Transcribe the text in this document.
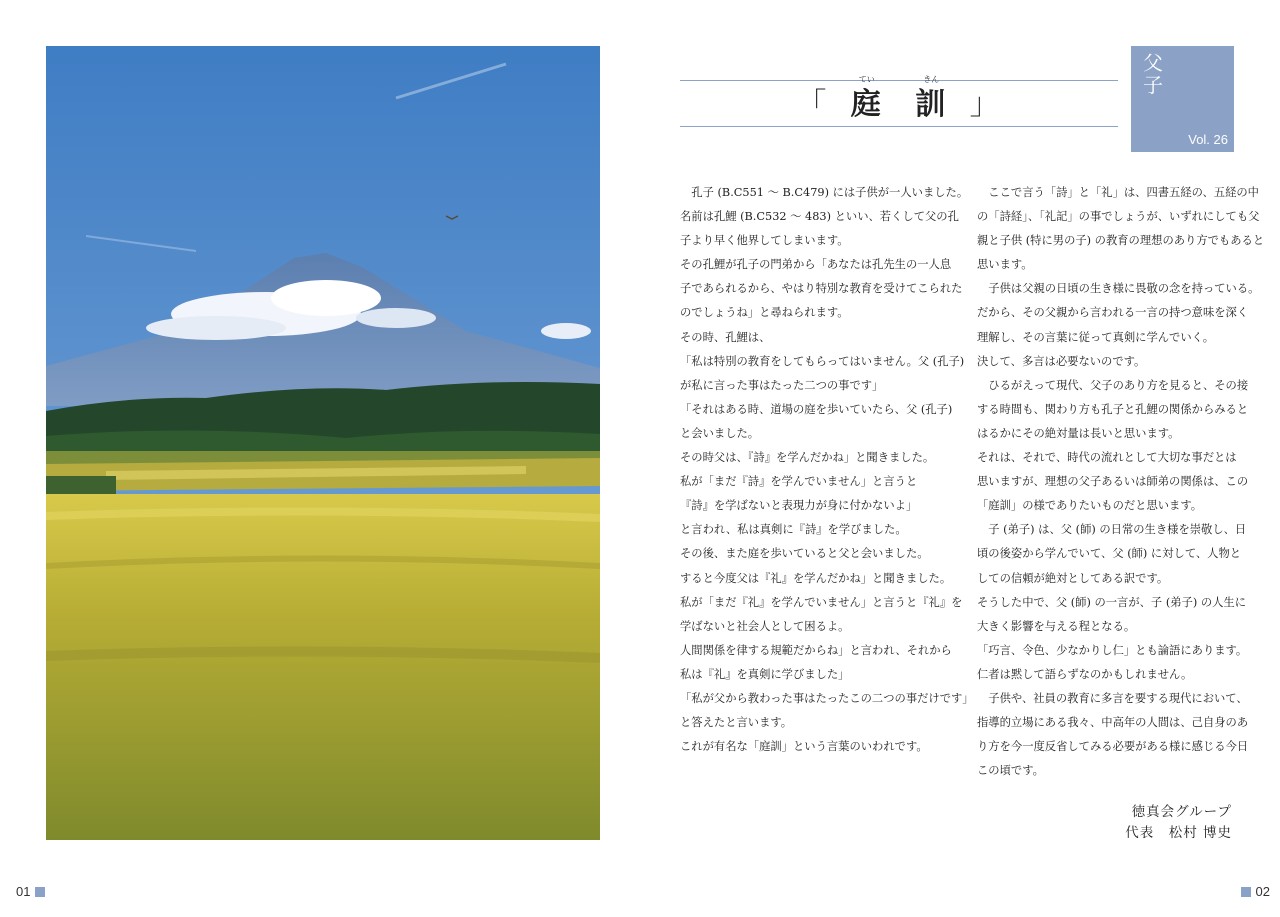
01	02
「
てい
庭
きん
訓 」
父子
Vol. 26
　孔子 (B.C551 ～ B.C479) には子供が一人いました。
名前は孔鯉 (B.C532 ～ 483) といい、若くして父の孔
子より早く他界してしまいます。
その孔鯉が孔子の門弟から「あなたは孔先生の一人息
子であられるから、やはり特別な教育を受けてこられた
のでしょうね」と尋ねられます。
その時、孔鯉は、
「私は特別の教育をしてもらってはいません。父 (孔子)
が私に言った事はたった二つの事です」
「それはある時、道場の庭を歩いていたら、父 (孔子)
と会いました。
その時父は、『詩』を学んだかね」と聞きました。
私が「まだ『詩』を学んでいません」と言うと
『詩』を学ばないと表現力が身に付かないよ」
と言われ、私は真剣に『詩』を学びました。
その後、また庭を歩いていると父と会いました。
すると今度父は『礼』を学んだかね」と聞きました。
私が「まだ『礼』を学んでいません」と言うと『礼』を
学ばないと社会人として困るよ。
人間関係を律する規範だからね」と言われ、それから
私は『礼』を真剣に学びました」
「私が父から教わった事はたったこの二つの事だけです」
と答えたと言います。
これが有名な「庭訓」という言葉のいわれです。
　ここで言う「詩」と「礼」は、四書五経の、五経の中
の「詩経」、「礼記」の事でしょうが、いずれにしても父
親と子供 (特に男の子) の教育の理想のあり方でもあると
思います。
　子供は父親の日頃の生き様に畏敬の念を持っている。
だから、その父親から言われる一言の持つ意味を深く
理解し、その言葉に従って真剣に学んでいく。
決して、多言は必要ないのです。
　ひるがえって現代、父子のあり方を見ると、その接
する時間も、関わり方も孔子と孔鯉の関係からみると
はるかにその絶対量は長いと思います。
それは、それで、時代の流れとして大切な事だとは
思いますが、理想の父子あるいは師弟の関係は、この
「庭訓」の様でありたいものだと思います。
　子 (弟子) は、父 (師) の日常の生き様を崇敬し、日
頃の後姿から学んでいて、父 (師) に対して、人物と
しての信頼が絶対としてある訳です。
そうした中で、父 (師) の一言が、子 (弟子) の人生に
大きく影響を与える程となる。
「巧言、令色、少なかりし仁」とも論語にあります。
仁者は黙して語らずなのかもしれません。
　子供や、社員の教育に多言を要する現代において、
指導的立場にある我々、中高年の人間は、己自身のあ
り方を今一度反省してみる必要がある様に感じる今日
この頃です。
徳真会グループ
代表　松村 博史
